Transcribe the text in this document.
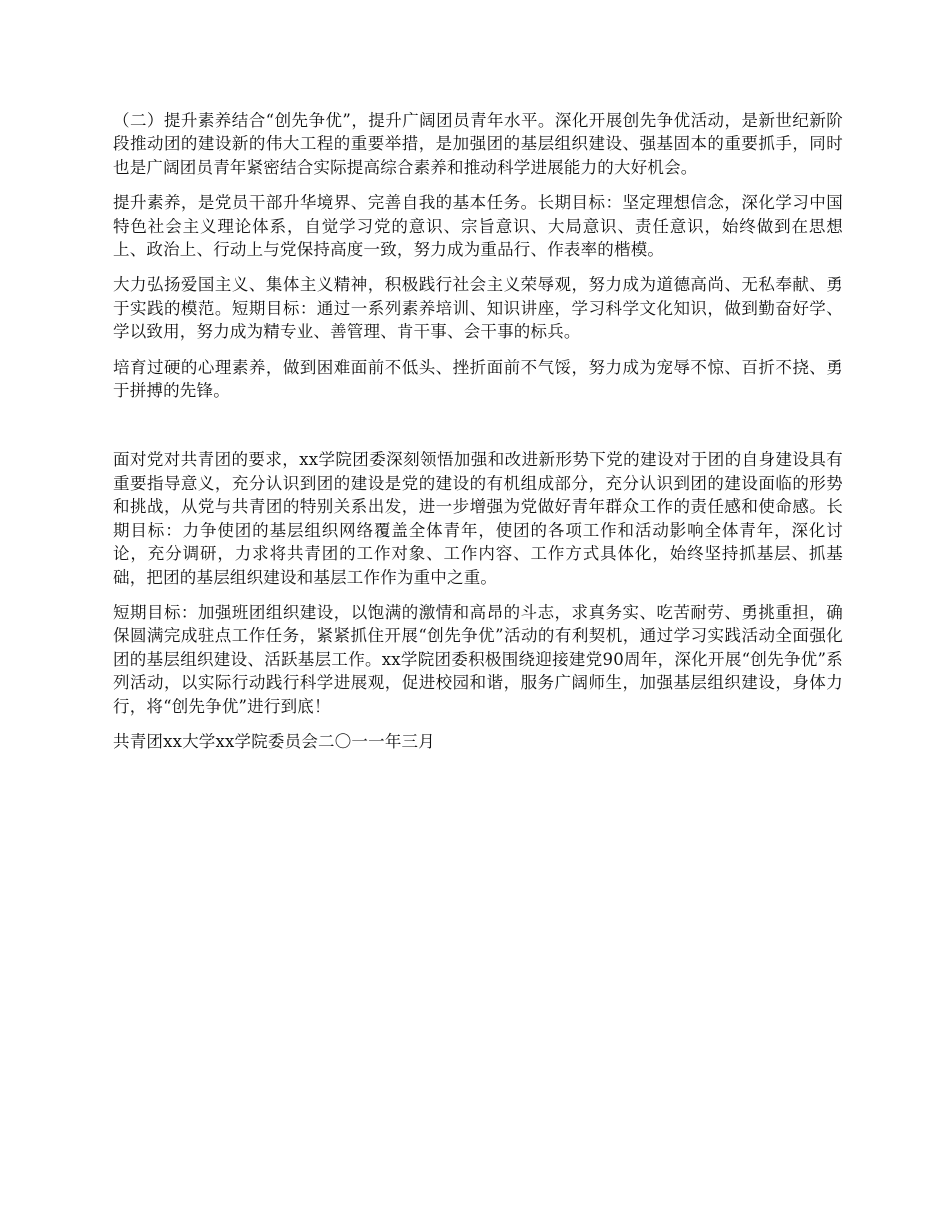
（二）提升素养结合“创先争优”，提升广阔团员青年水平。深化开展创先争优活动，是新世纪新阶段推动团的建设新的伟大工程的重要举措，是加强团的基层组织建设、强基固本的重要抓手，同时也是广阔团员青年紧密结合实际提高综合素养和推动科学进展能力的大好机会。

提升素养，是党员干部升华境界、完善自我的基本任务。长期目标：坚定理想信念，深化学习中国特色社会主义理论体系，自觉学习党的意识、宗旨意识、大局意识、责任意识，始终做到在思想上、政治上、行动上与党保持高度一致，努力成为重品行、作表率的楷模。

大力弘扬爱国主义、集体主义精神，积极践行社会主义荣辱观，努力成为道德高尚、无私奉献、勇于实践的模范。短期目标：通过一系列素养培训、知识讲座，学习科学文化知识，做到勤奋好学、学以致用，努力成为精专业、善管理、肯干事、会干事的标兵。

培育过硬的心理素养，做到困难面前不低头、挫折面前不气馁，努力成为宠辱不惊、百折不挠、勇于拼搏的先锋。

面对党对共青团的要求，xx学院团委深刻领悟加强和改进新形势下党的建设对于团的自身建设具有重要指导意义，充分认识到团的建设是党的建设的有机组成部分，充分认识到团的建设面临的形势和挑战，从党与共青团的特别关系出发，进一步增强为党做好青年群众工作的责任感和使命感。长期目标：力争使团的基层组织网络覆盖全体青年，使团的各项工作和活动影响全体青年，深化讨论，充分调研，力求将共青团的工作对象、工作内容、工作方式具体化，始终坚持抓基层、抓基础，把团的基层组织建设和基层工作作为重中之重。

短期目标：加强班团组织建设，以饱满的激情和高昂的斗志，求真务实、吃苦耐劳、勇挑重担，确保圆满完成驻点工作任务，紧紧抓住开展“创先争优”活动的有利契机，通过学习实践活动全面强化团的基层组织建设、活跃基层工作。xx学院团委积极围绕迎接建党90周年，深化开展“创先争优”系列活动，以实际行动践行科学进展观，促进校园和谐，服务广阔师生，加强基层组织建设，身体力行，将“创先争优”进行到底！

共青团xx大学xx学院委员会二〇一一年三月
